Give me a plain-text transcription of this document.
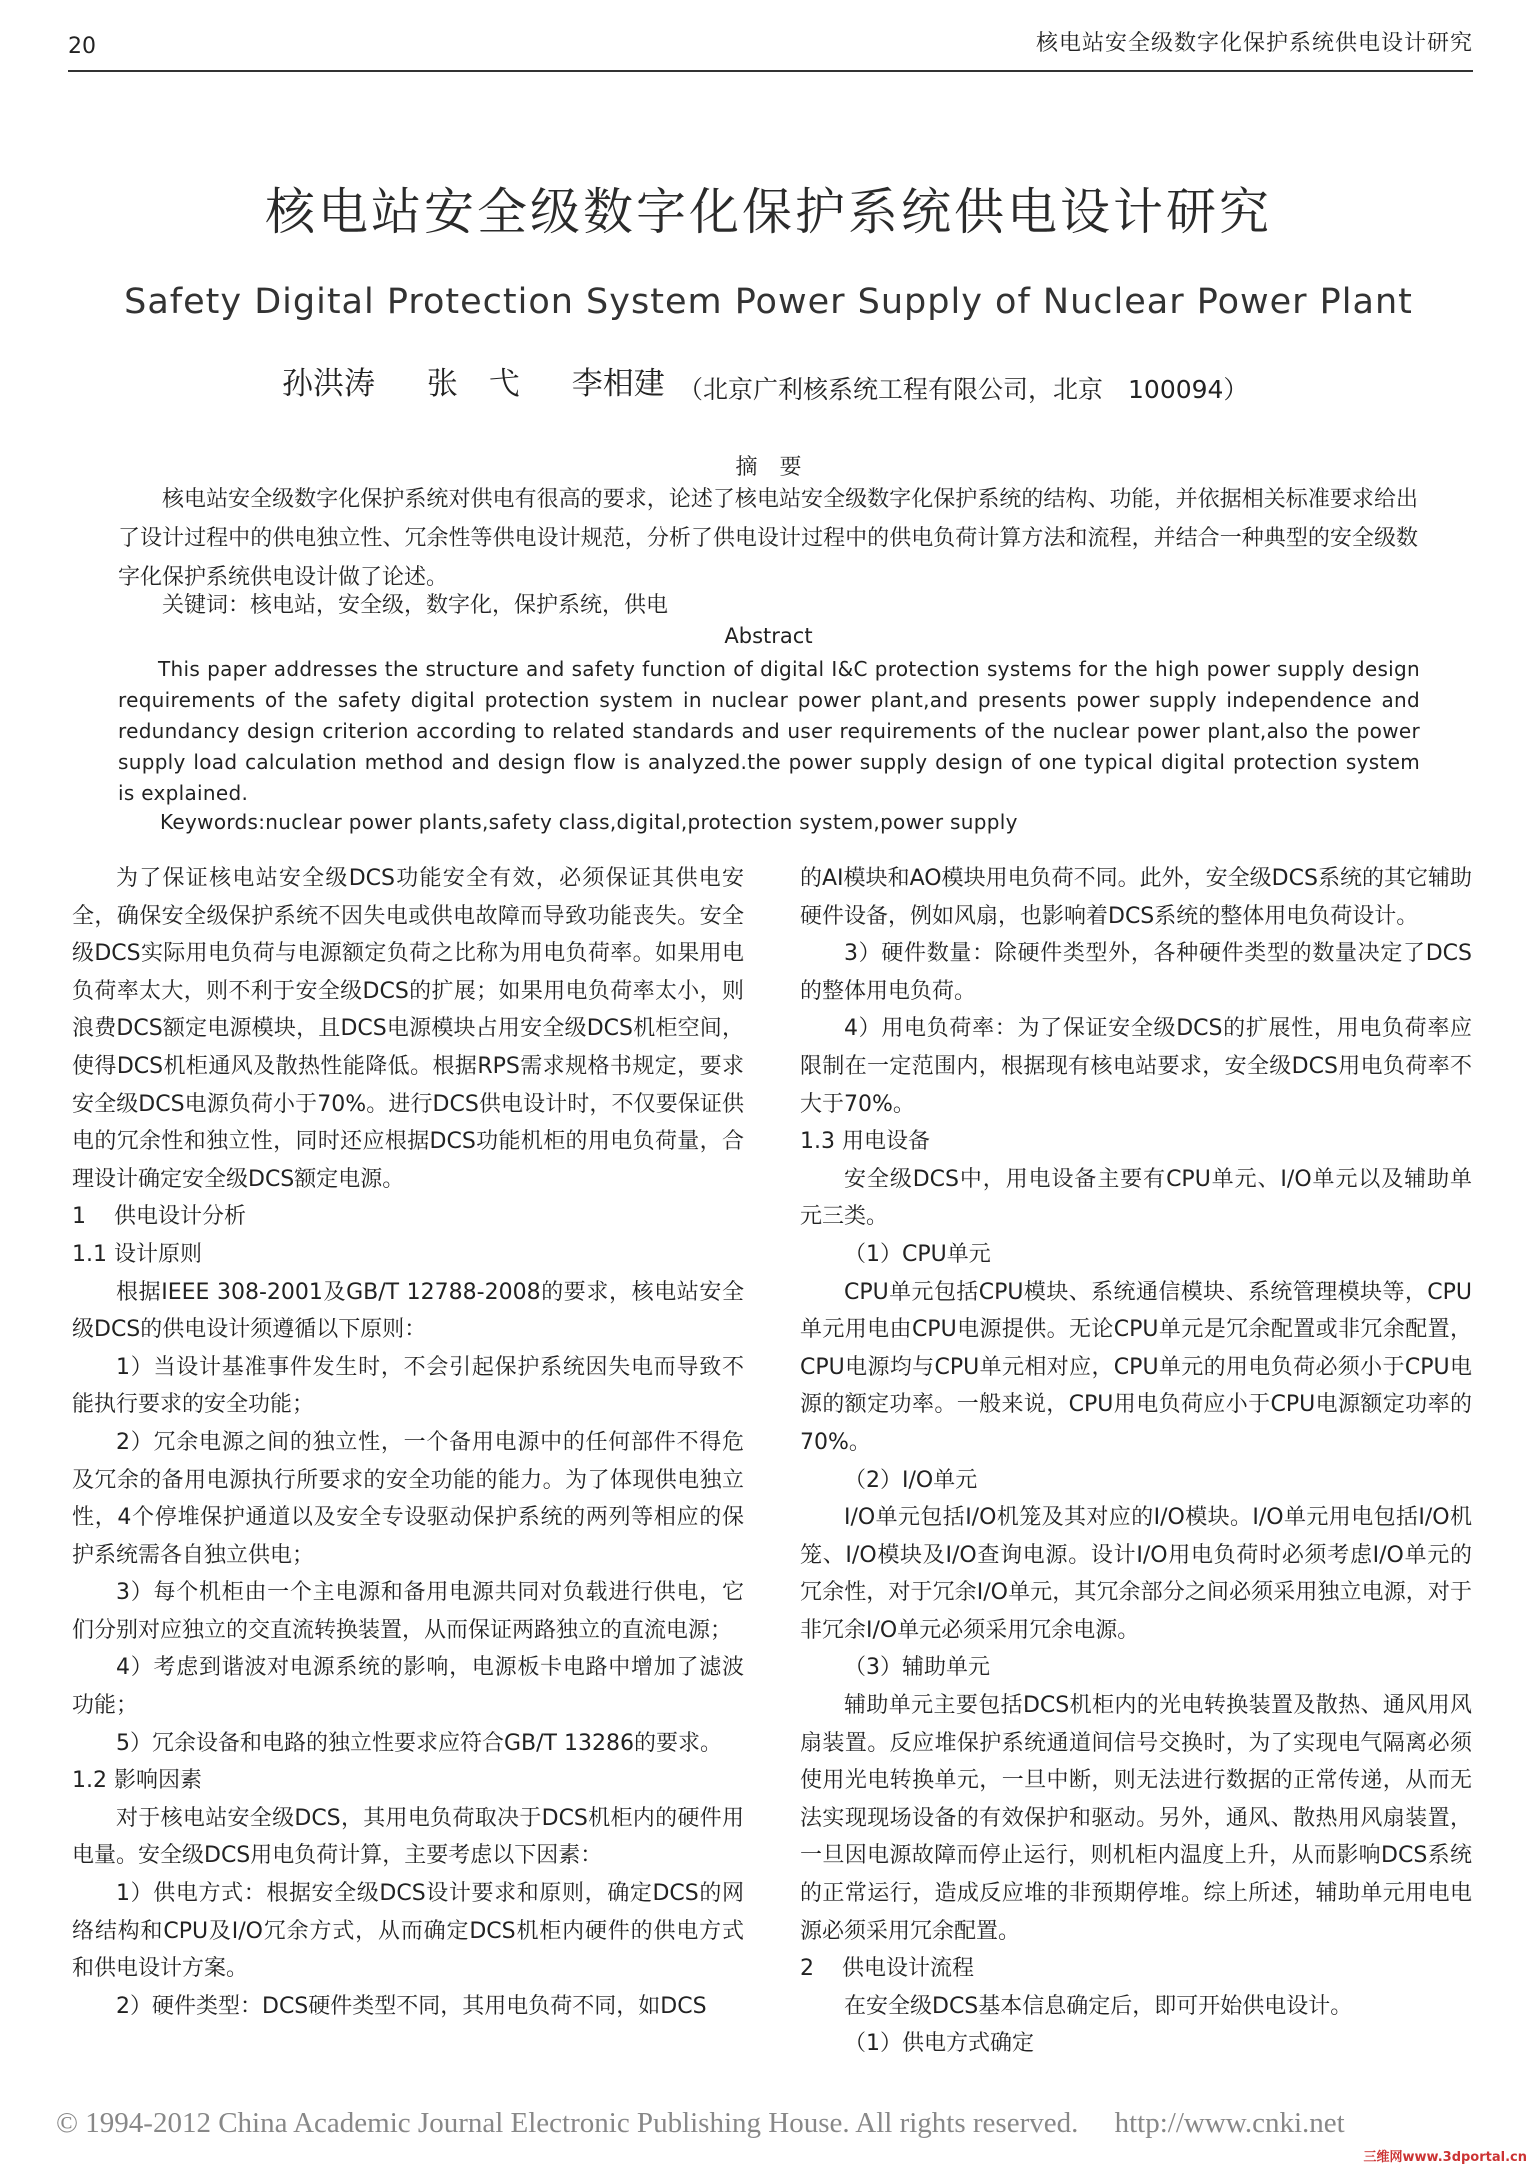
20	核电站安全级数字化保护系统供电设计研究
核电站安全级数字化保护系统供电设计研究
Safety Digital Protection System Power Supply of Nuclear Power Plant
孙洪涛 张　弋 李相建 （北京广利核系统工程有限公司，北京　100094）
摘　要
核电站安全级数字化保护系统对供电有很高的要求，论述了核电站安全级数字化保护系统的结构、功能，并依据相关标准要求给出了设计过程中的供电独立性、冗余性等供电设计规范，分析了供电设计过程中的供电负荷计算方法和流程，并结合一种典型的安全级数字化保护系统供电设计做了论述。
关键词：核电站，安全级，数字化，保护系统，供电
Abstract
This paper addresses the structure and safety function of digital I&C protection systems for the high power supply design requirements of the safety digital protection system in nuclear power plant,and presents power supply independence and redundancy design criterion according to related standards and user requirements of the nuclear power plant,also the power supply load calculation method and design flow is analyzed.the power supply design of one typical digital protection system is explained.
Keywords:nuclear power plants,safety class,digital,protection system,power supply

为了保证核电站安全级DCS功能安全有效，必须保证其供电安全，确保安全级保护系统不因失电或供电故障而导致功能丧失。安全级DCS实际用电负荷与电源额定负荷之比称为用电负荷率。如果用电负荷率太大，则不利于安全级DCS的扩展；如果用电负荷率太小，则浪费DCS额定电源模块，且DCS电源模块占用安全级DCS机柜空间，使得DCS机柜通风及散热性能降低。根据RPS需求规格书规定，要求安全级DCS电源负荷小于70%。进行DCS供电设计时，不仅要保证供电的冗余性和独立性，同时还应根据DCS功能机柜的用电负荷量，合理设计确定安全级DCS额定电源。

1 供电设计分析
1.1 设计原则

根据IEEE 308-2001及GB/T 12788-2008的要求，核电站安全级DCS的供电设计须遵循以下原则：

1）当设计基准事件发生时，不会引起保护系统因失电而导致不能执行要求的安全功能；

2）冗余电源之间的独立性，一个备用电源中的任何部件不得危及冗余的备用电源执行所要求的安全功能的能力。为了体现供电独立性，4个停堆保护通道以及安全专设驱动保护系统的两列等相应的保护系统需各自独立供电；

3）每个机柜由一个主电源和备用电源共同对负载进行供电，它们分别对应独立的交直流转换装置，从而保证两路独立的直流电源；

4）考虑到谐波对电源系统的影响，电源板卡电路中增加了滤波功能；

5）冗余设备和电路的独立性要求应符合GB/T 13286的要求。

1.2 影响因素

对于核电站安全级DCS，其用电负荷取决于DCS机柜内的硬件用电量。安全级DCS用电负荷计算，主要考虑以下因素：

1）供电方式：根据安全级DCS设计要求和原则，确定DCS的网络结构和CPU及I/O冗余方式，从而确定DCS机柜内硬件的供电方式和供电设计方案。

2）硬件类型：DCS硬件类型不同，其用电负荷不同，如DCS

的AI模块和AO模块用电负荷不同。此外，安全级DCS系统的其它辅助硬件设备，例如风扇，也影响着DCS系统的整体用电负荷设计。

3）硬件数量：除硬件类型外，各种硬件类型的数量决定了DCS的整体用电负荷。

4）用电负荷率：为了保证安全级DCS的扩展性，用电负荷率应限制在一定范围内，根据现有核电站要求，安全级DCS用电负荷率不大于70%。

1.3 用电设备

安全级DCS中，用电设备主要有CPU单元、I/O单元以及辅助单元三类。

（1）CPU单元

CPU单元包括CPU模块、系统通信模块、系统管理模块等，CPU单元用电由CPU电源提供。无论CPU单元是冗余配置或非冗余配置，CPU电源均与CPU单元相对应，CPU单元的用电负荷必须小于CPU电源的额定功率。一般来说，CPU用电负荷应小于CPU电源额定功率的70%。

（2）I/O单元

I/O单元包括I/O机笼及其对应的I/O模块。I/O单元用电包括I/O机笼、I/O模块及I/O查询电源。设计I/O用电负荷时必须考虑I/O单元的冗余性，对于冗余I/O单元，其冗余部分之间必须采用独立电源，对于非冗余I/O单元必须采用冗余电源。

（3）辅助单元

辅助单元主要包括DCS机柜内的光电转换装置及散热、通风用风扇装置。反应堆保护系统通道间信号交换时，为了实现电气隔离必须使用光电转换单元，一旦中断，则无法进行数据的正常传递，从而无法实现现场设备的有效保护和驱动。另外，通风、散热用风扇装置，一旦因电源故障而停止运行，则机柜内温度上升，从而影响DCS系统的正常运行，造成反应堆的非预期停堆。综上所述，辅助单元用电电源必须采用冗余配置。

2 供电设计流程

在安全级DCS基本信息确定后，即可开始供电设计。

（1）供电方式确定

© 1994-2012 China Academic Journal Electronic Publishing House. All rights reserved.　 http://www.cnki.net
三维网www.3dportal.cn
